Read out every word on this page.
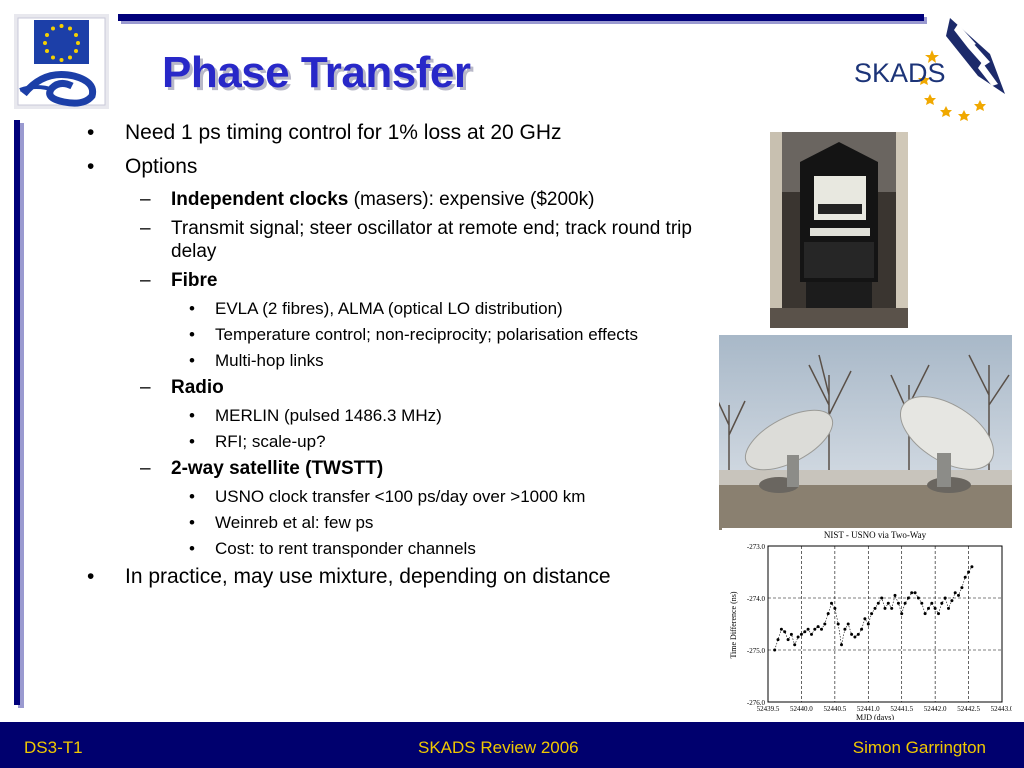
Phase Transfer	SKADS
• Need 1 ps timing control for 1% loss at 20 GHz
• Options
– Independent clocks (masers): expensive ($200k)
– Transmit signal; steer oscillator at remote end; track round trip delay
– Fibre
• EVLA (2 fibres), ALMA (optical LO distribution)
• Temperature control; non-reciprocity; polarisation effects
• Multi-hop links
– Radio
• MERLIN (pulsed 1486.3 MHz)
• RFI; scale-up?
– 2-way satellite (TWSTT)
• USNO clock transfer <100 ps/day over >1000 km
• Weinreb et al: few ps
• Cost: to rent transponder channels
• In practice, may use mixture, depending on distance
NIST - USNO via Two-Way
Time Difference (ns)
MJD (days)
52439.5 52440.0 52440.5 52441.0 52441.5 52442.0 52442.5 52443.0
-273.0
-274.0
-275.0
-276.0
DS3-T1	SKADS Review 2006	Simon Garrington
